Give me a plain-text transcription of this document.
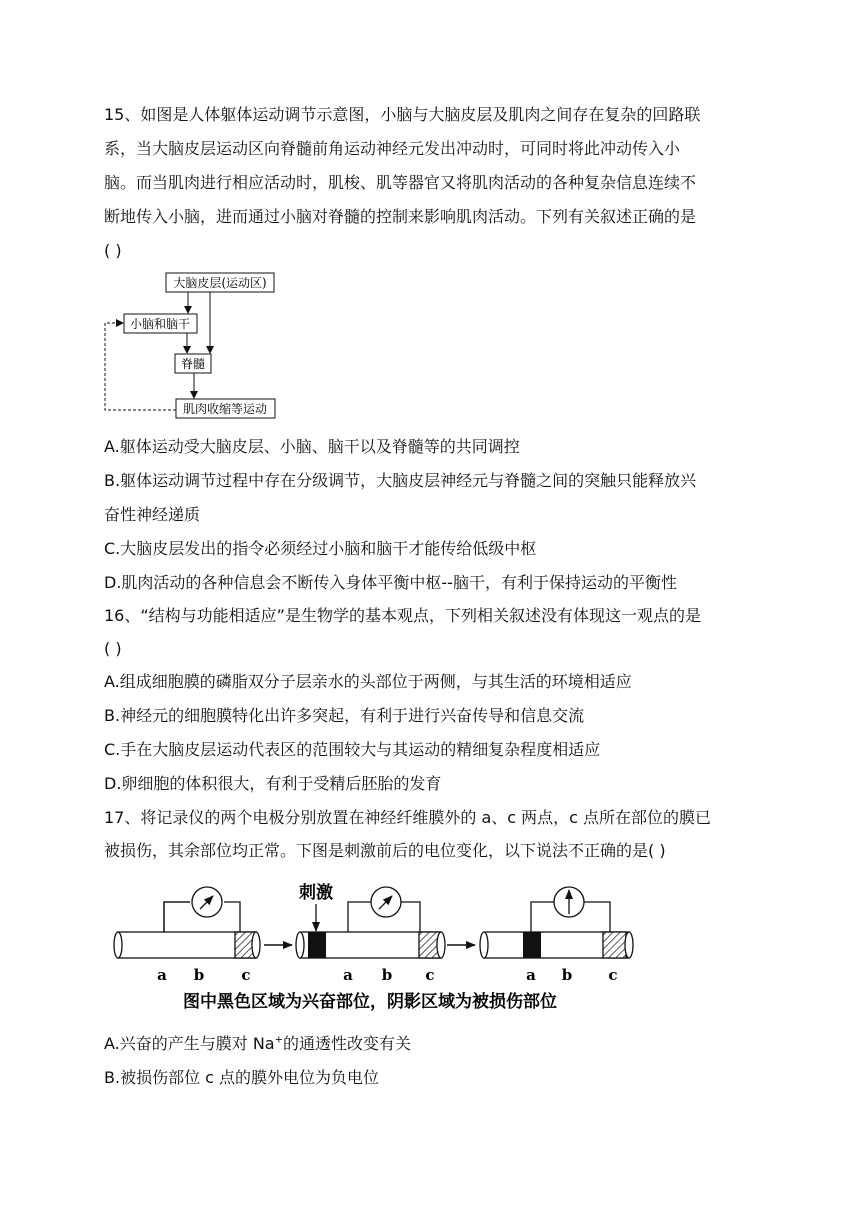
15、如图是人体躯体运动调节示意图，小脑与大脑皮层及肌肉之间存在复杂的回路联
系，当大脑皮层运动区向脊髓前角运动神经元发出冲动时，可同时将此冲动传入小
脑。而当肌肉进行相应活动时，肌梭、肌等器官又将肌肉活动的各种复杂信息连续不
断地传入小脑，进而通过小脑对脊髓的控制来影响肌肉活动。下列有关叙述正确的是
( )
大脑皮层(运动区)
小脑和脑干
脊髓
肌肉收缩等运动
A.躯体运动受大脑皮层、小脑、脑干以及脊髓等的共同调控
B.躯体运动调节过程中存在分级调节，大脑皮层神经元与脊髓之间的突触只能释放兴
奋性神经递质
C.大脑皮层发出的指令必须经过小脑和脑干才能传给低级中枢
D.肌肉活动的各种信息会不断传入身体平衡中枢--脑干，有利于保持运动的平衡性
16、“结构与功能相适应”是生物学的基本观点，下列相关叙述没有体现这一观点的是
( )
A.组成细胞膜的磷脂双分子层亲水的头部位于两侧，与其生活的环境相适应
B.神经元的细胞膜特化出许多突起，有利于进行兴奋传导和信息交流
C.手在大脑皮层运动代表区的范围较大与其运动的精细复杂程度相适应
D.卵细胞的体积很大，有利于受精后胚胎的发育
17、将记录仪的两个电极分别放置在神经纤维膜外的 a、c 两点，c 点所在部位的膜已
被损伤，其余部位均正常。下图是刺激前后的电位变化，以下说法不正确的是( )
刺激
a b c	a b c	a b c
图中黑色区域为兴奋部位，阴影区域为被损伤部位
A.兴奋的产生与膜对 Na+的通透性改变有关
B.被损伤部位 c 点的膜外电位为负电位
